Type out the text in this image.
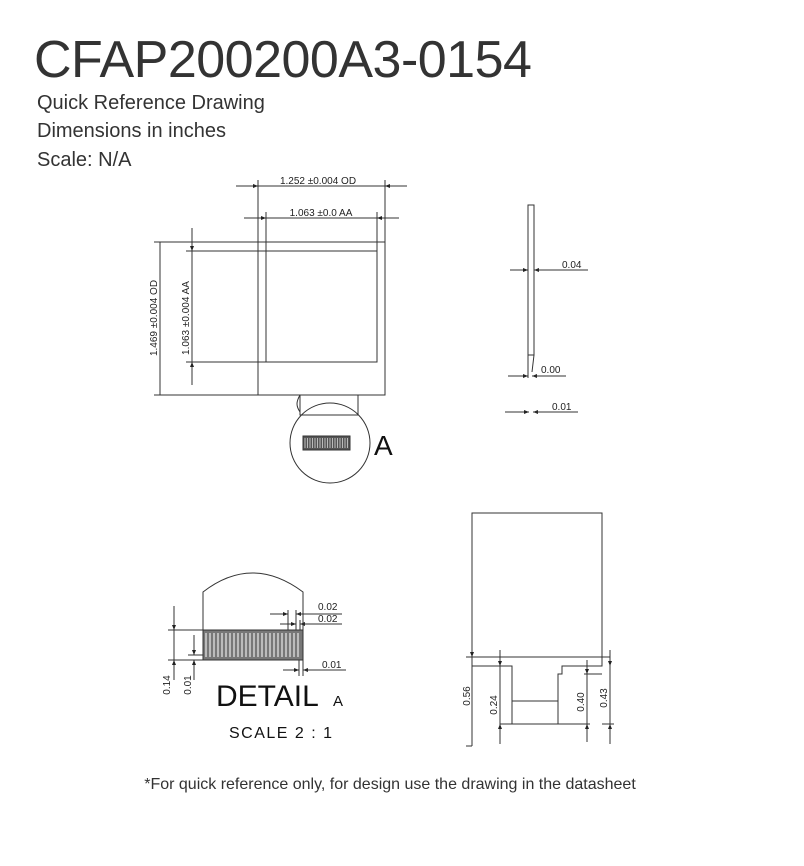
CFAP200200A3-0154
Quick Reference Drawing
Dimensions in inches
Scale: N/A
1.252 ±0.004 OD
1.063 ±0.0 AA
1.469 ±0.004 OD 1.063 ±0.004 AA
A
0.04
0.00
0.01
0.02
0.02
0.01
0.14 0.01 DETAIL A
SCALE 2 : 1
0.56 0.24	0.40 0.43
*For quick reference only, for design use the drawing in the datasheet
